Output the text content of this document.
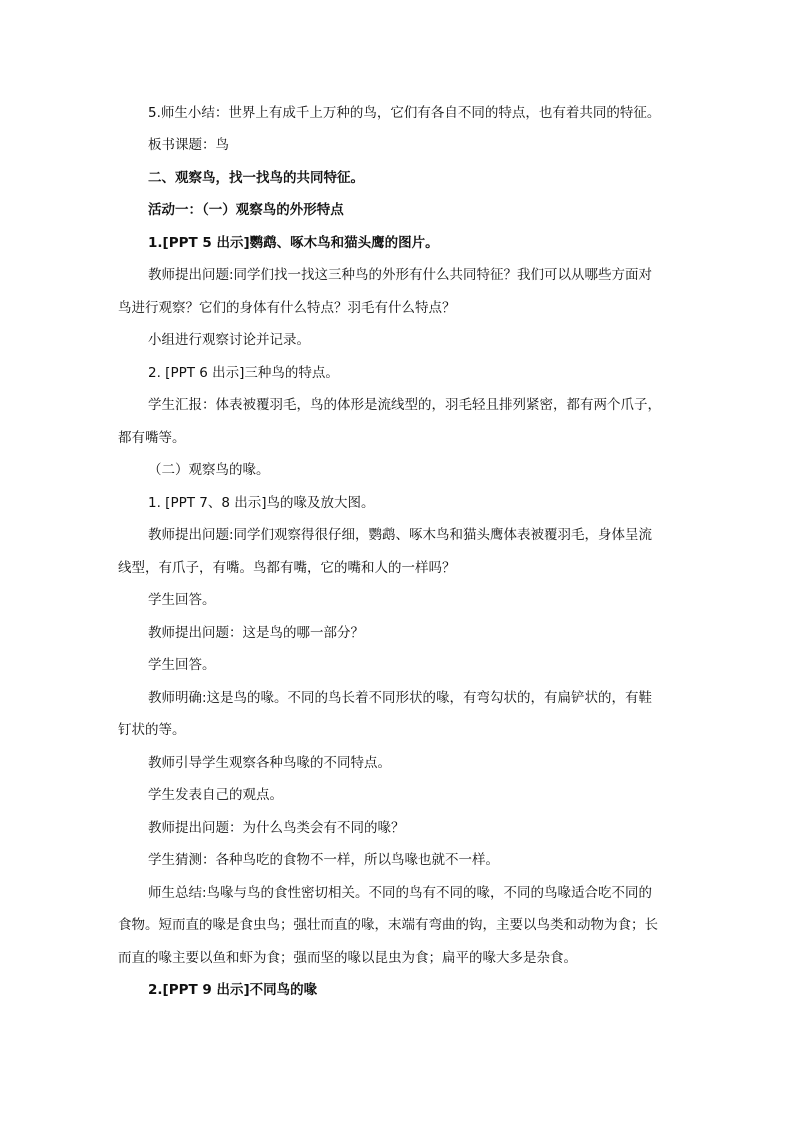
5.师生小结：世界上有成千上万种的鸟，它们有各自不同的特点，也有着共同的特征。
板书课题：鸟
二、观察鸟，找一找鸟的共同特征。
活动一：（一）观察鸟的外形特点
1.[PPT 5 出示]鹦鹉、啄木鸟和猫头鹰的图片。
教师提出问题:同学们找一找这三种鸟的外形有什么共同特征？我们可以从哪些方面对
鸟进行观察？它们的身体有什么特点？羽毛有什么特点？
小组进行观察讨论并记录。
2. [PPT 6 出示]三种鸟的特点。
学生汇报：体表被覆羽毛，鸟的体形是流线型的，羽毛轻且排列紧密，都有两个爪子，
都有嘴等。
（二）观察鸟的喙。
1. [PPT 7、8 出示]鸟的喙及放大图。
教师提出问题:同学们观察得很仔细，鹦鹉、啄木鸟和猫头鹰体表被覆羽毛，身体呈流
线型，有爪子，有嘴。鸟都有嘴，它的嘴和人的一样吗？
学生回答。
教师提出问题：这是鸟的哪一部分？
学生回答。
教师明确:这是鸟的喙。不同的鸟长着不同形状的喙，有弯勾状的，有扁铲状的，有鞋
钉状的等。
教师引导学生观察各种鸟喙的不同特点。
学生发表自己的观点。
教师提出问题：为什么鸟类会有不同的喙？
学生猜测：各种鸟吃的食物不一样，所以鸟喙也就不一样。
师生总结:鸟喙与鸟的食性密切相关。不同的鸟有不同的喙，不同的鸟喙适合吃不同的
食物。短而直的喙是食虫鸟；强壮而直的喙，末端有弯曲的钩，主要以鸟类和动物为食；长
而直的喙主要以鱼和虾为食；强而坚的喙以昆虫为食；扁平的喙大多是杂食。
2.[PPT 9 出示]不同鸟的喙
